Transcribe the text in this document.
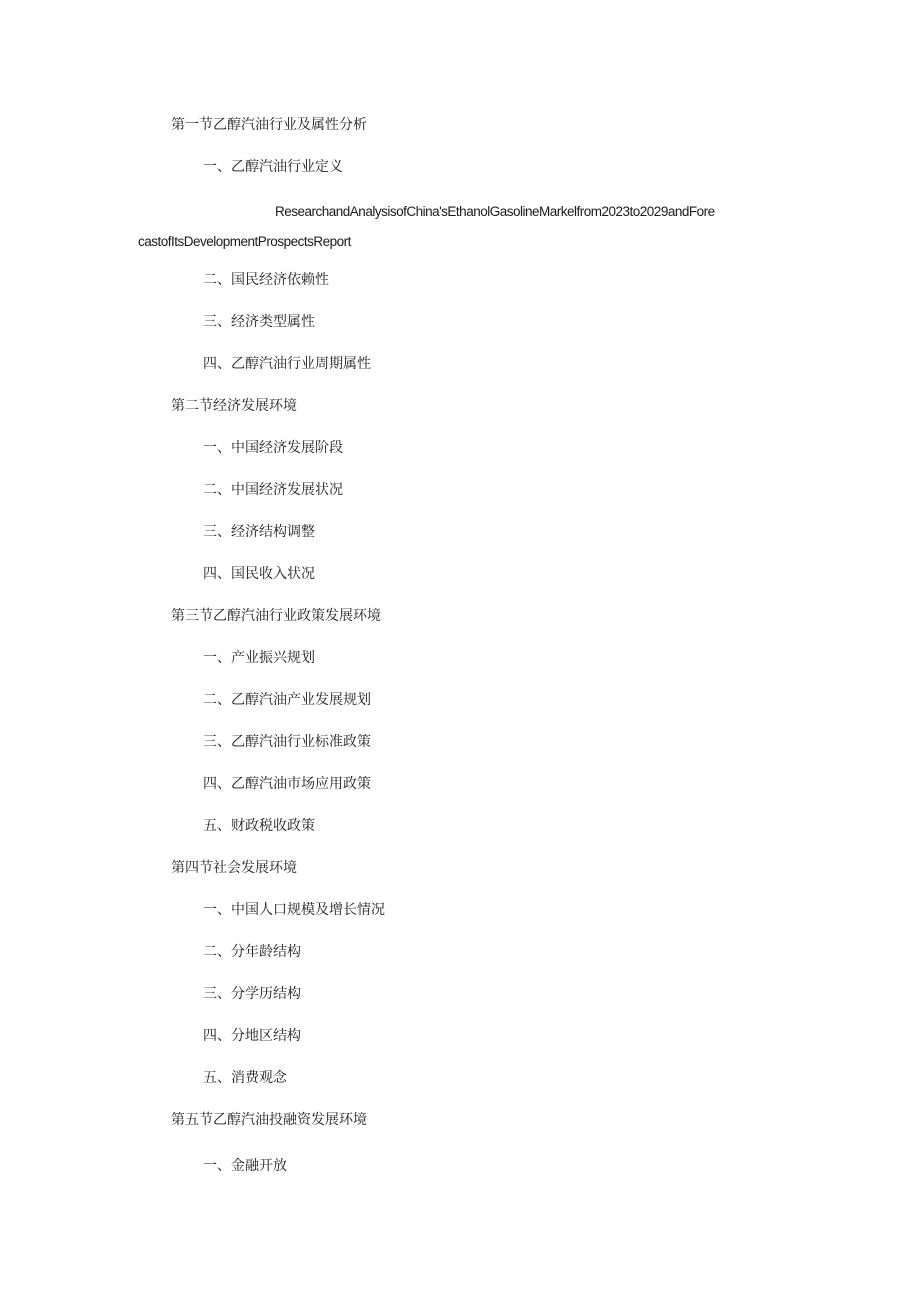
第一节乙醇汽油行业及属性分析
一、乙醇汽油行业定义
ResearchandAnalysisofChina'sEthanolGasolineMarkelfrom2023to2029andFore
castofItsDevelopmentProspectsReport
二、国民经济依赖性
三、经济类型属性
四、乙醇汽油行业周期属性
第二节经济发展环境
一、中国经济发展阶段
二、中国经济发展状况
三、经济结构调整
四、国民收入状况
第三节乙醇汽油行业政策发展环境
一、产业振兴规划
二、乙醇汽油产业发展规划
三、乙醇汽油行业标准政策
四、乙醇汽油市场应用政策
五、财政税收政策
第四节社会发展环境
一、中国人口规模及增长情况
二、分年龄结构
三、分学历结构
四、分地区结构
五、消费观念
第五节乙醇汽油投融资发展环境
一、金融开放
